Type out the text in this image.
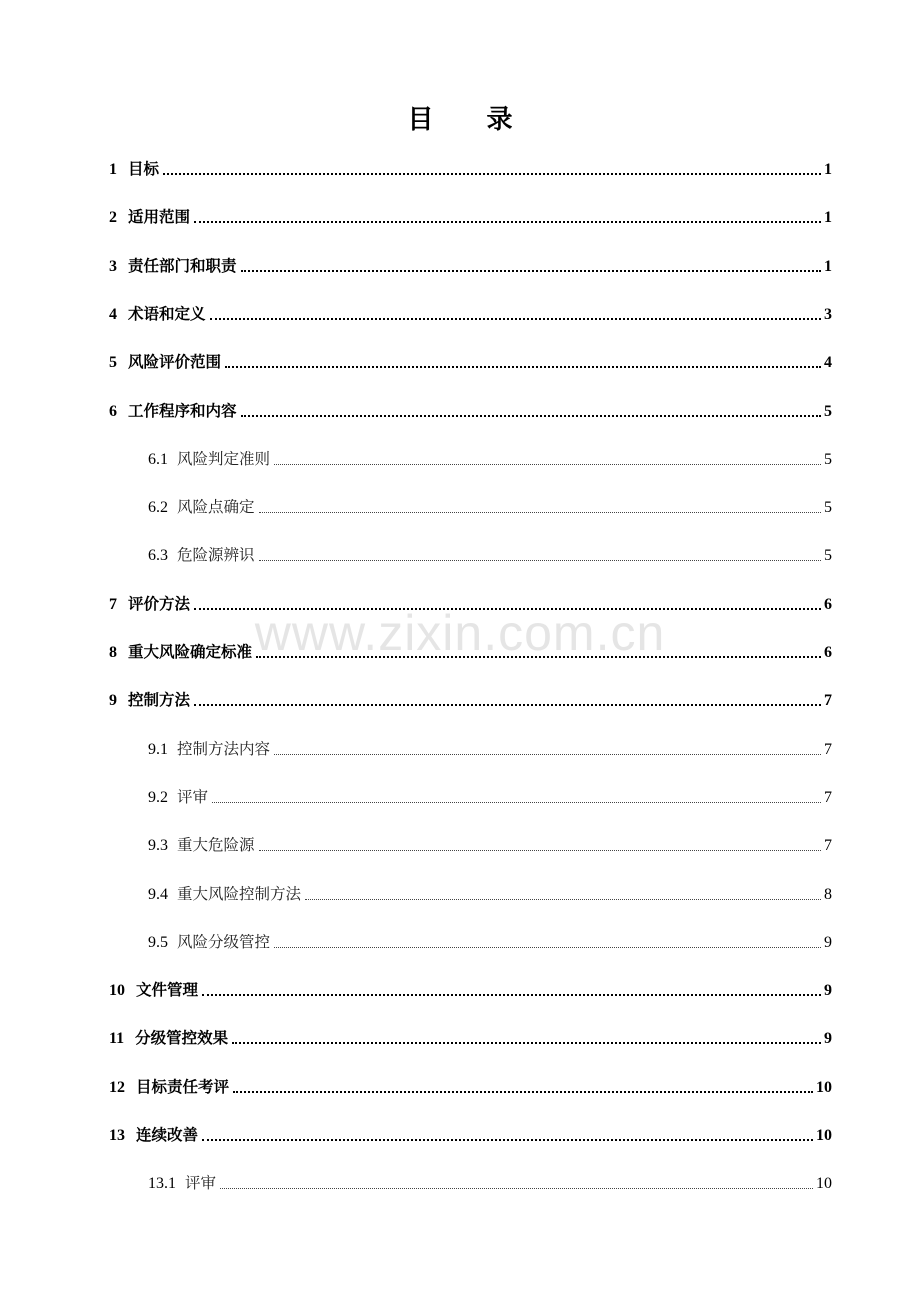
目 录
1 目标	1
2 适用范围	1
3 责任部门和职责	1
4 术语和定义	3
5 风险评价范围	4
6 工作程序和内容	5
6.1 风险判定准则	5
6.2 风险点确定	5
6.3 危险源辨识	5
7 评价方法	6
8 重大风险确定标准	6
9 控制方法	7
9.1 控制方法内容	7
9.2 评审	7
9.3 重大危险源	7
9.4 重大风险控制方法	8
9.5 风险分级管控	9
10 文件管理	9
11 分级管控效果	9
12 目标责任考评	10
13 连续改善	10
13.1 评审	10
www.zixin.com.cn
